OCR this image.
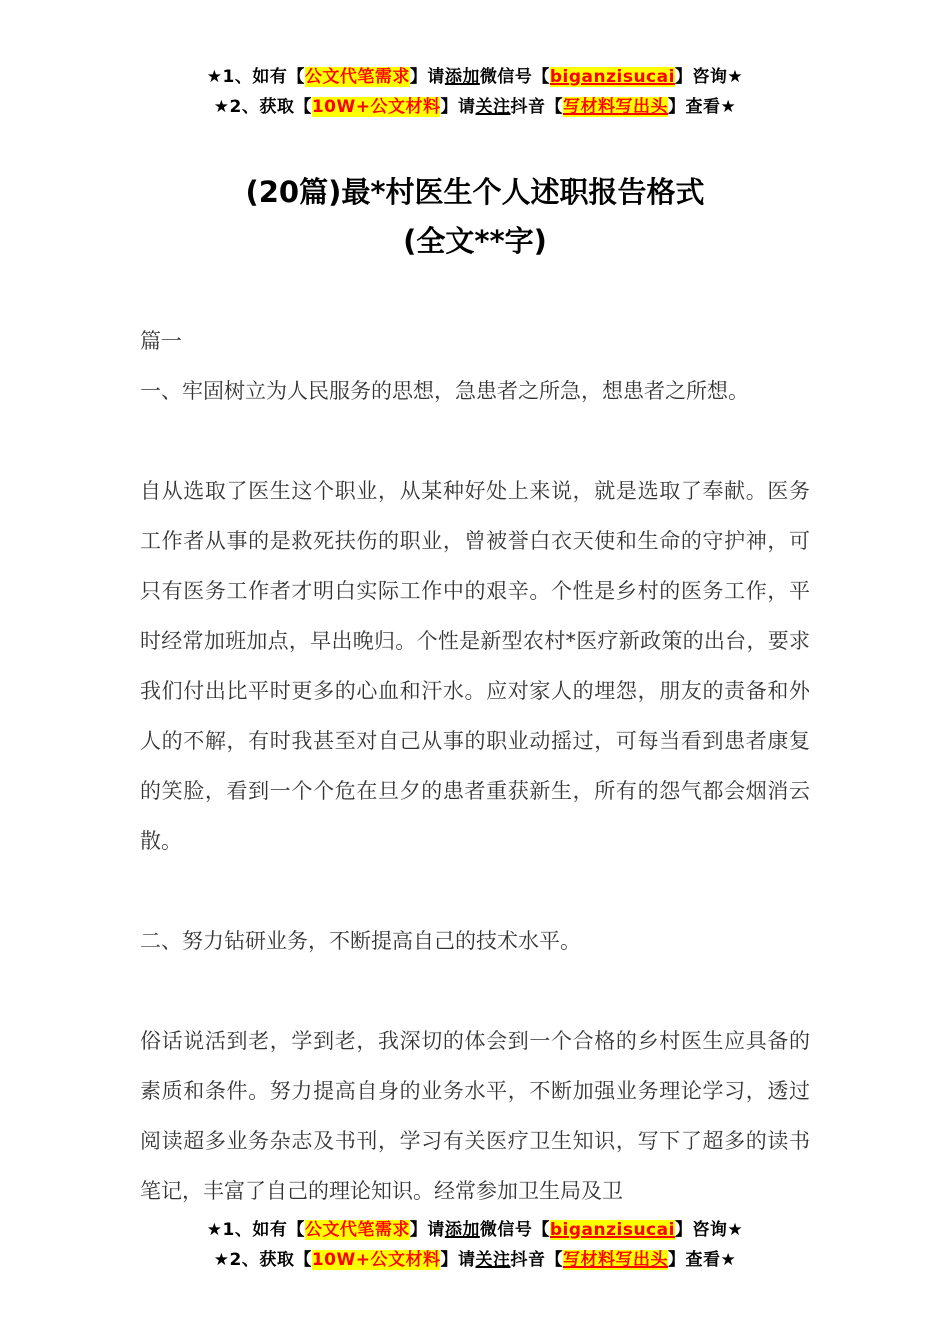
★1、如有【公文代笔需求】请添加微信号【biganzisucai】咨询★
★2、获取【10W+公文材料】请关注抖音【写材料写出头】查看★
(20篇)最*村医生个人述职报告格式
(全文**字)

篇一

一、牢固树立为人民服务的思想，急患者之所急，想患者之所想。

自从选取了医生这个职业，从某种好处上来说，就是选取了奉献。医务工作者从事的是救死扶伤的职业，曾被誉白衣天使和生命的守护神，可只有医务工作者才明白实际工作中的艰辛。个性是乡村的医务工作，平时经常加班加点，早出晚归。个性是新型农村*医疗新政策的出台，要求我们付出比平时更多的心血和汗水。应对家人的埋怨，朋友的责备和外人的不解，有时我甚至对自己从事的职业动摇过，可每当看到患者康复的笑脸，看到一个个危在旦夕的患者重获新生，所有的怨气都会烟消云散。

二、努力钻研业务，不断提高自己的技术水平。

俗话说活到老，学到老，我深切的体会到一个合格的乡村医生应具备的素质和条件。努力提高自身的业务水平，不断加强业务理论学习，透过阅读超多业务杂志及书刊，学习有关医疗卫生知识，写下了超多的读书笔记，丰富了自己的理论知识。经常参加卫生局及卫

★1、如有【公文代笔需求】请添加微信号【biganzisucai】咨询★
★2、获取【10W+公文材料】请关注抖音【写材料写出头】查看★
